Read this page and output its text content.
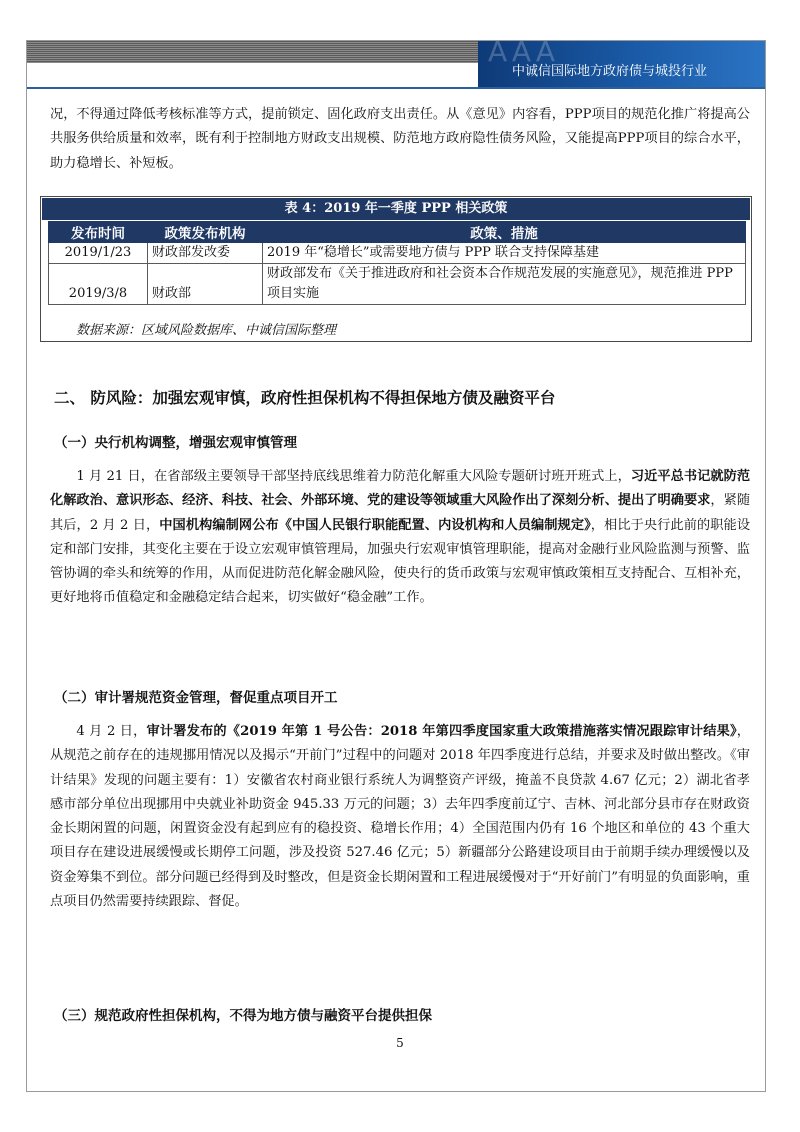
AAA
中诚信国际地方政府债与城投行业
况，不得通过降低考核标准等方式，提前锁定、固化政府支出责任。从《意见》内容看，PPP项目的规范化推广将提高公共服务供给质量和效率，既有利于控制地方财政支出规模、防范地方政府隐性债务风险，又能提高PPP项目的综合水平，助力稳增长、补短板。
表 4：2019 年一季度 PPP 相关政策
发布时间	政策发布机构	政策、措施
2019/1/23	财政部发改委	2019 年“稳增长”或需要地方债与 PPP 联合支持保障基建
2019/3/8	财政部	财政部发布《关于推进政府和社会资本合作规范发展的实施意见》，规范推进 PPP 项目实施
数据来源：区域风险数据库、中诚信国际整理
二、 防风险：加强宏观审慎，政府性担保机构不得担保地方债及融资平台
（一）央行机构调整，增强宏观审慎管理
1 月 21 日，在省部级主要领导干部坚持底线思维着力防范化解重大风险专题研讨班开班式上，习近平总书记就防范化解政治、意识形态、经济、科技、社会、外部环境、党的建设等领域重大风险作出了深刻分析、提出了明确要求，紧随其后，2 月 2 日，中国机构编制网公布《中国人民银行职能配置、内设机构和人员编制规定》，相比于央行此前的职能设定和部门安排，其变化主要在于设立宏观审慎管理局，加强央行宏观审慎管理职能，提高对金融行业风险监测与预警、监管协调的牵头和统筹的作用，从而促进防范化解金融风险，使央行的货币政策与宏观审慎政策相互支持配合、互相补充，更好地将币值稳定和金融稳定结合起来，切实做好“稳金融”工作。
（二）审计署规范资金管理，督促重点项目开工
4 月 2 日，审计署发布的《2019 年第 1 号公告：2018 年第四季度国家重大政策措施落实情况跟踪审计结果》，从规范之前存在的违规挪用情况以及揭示“开前门”过程中的问题对 2018 年四季度进行总结，并要求及时做出整改。《审计结果》发现的问题主要有：1）安徽省农村商业银行系统人为调整资产评级，掩盖不良贷款 4.67 亿元；2）湖北省孝感市部分单位出现挪用中央就业补助资金 945.33 万元的问题；3）去年四季度前辽宁、吉林、河北部分县市存在财政资金长期闲置的问题，闲置资金没有起到应有的稳投资、稳增长作用；4）全国范围内仍有 16 个地区和单位的 43 个重大项目存在建设进展缓慢或长期停工问题，涉及投资 527.46 亿元；5）新疆部分公路建设项目由于前期手续办理缓慢以及资金筹集不到位。部分问题已经得到及时整改，但是资金长期闲置和工程进展缓慢对于“开好前门”有明显的负面影响，重点项目仍然需要持续跟踪、督促。
（三）规范政府性担保机构，不得为地方债与融资平台提供担保
5
